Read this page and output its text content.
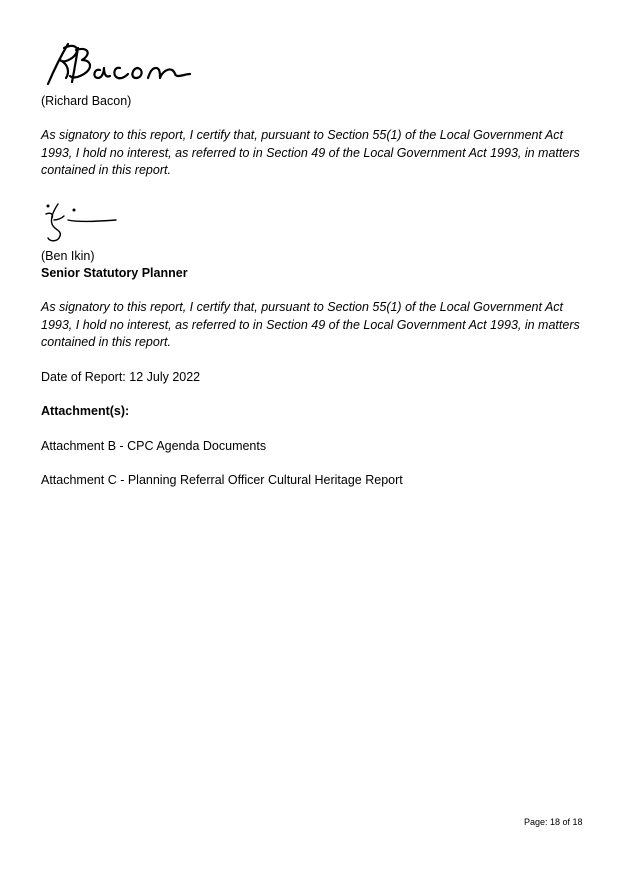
(Richard Bacon)

As signatory to this report, I certify that, pursuant to Section 55(1) of the Local Government Act 1993, I hold no interest, as referred to in Section 49 of the Local Government Act 1993, in matters contained in this report.

(Ben Ikin)
Senior Statutory Planner

As signatory to this report, I certify that, pursuant to Section 55(1) of the Local Government Act 1993, I hold no interest, as referred to in Section 49 of the Local Government Act 1993, in matters contained in this report.

Date of Report: 12 July 2022
Attachment(s):
Attachment B - CPC Agenda Documents
Attachment C - Planning Referral Officer Cultural Heritage Report
Page: 18 of 18
